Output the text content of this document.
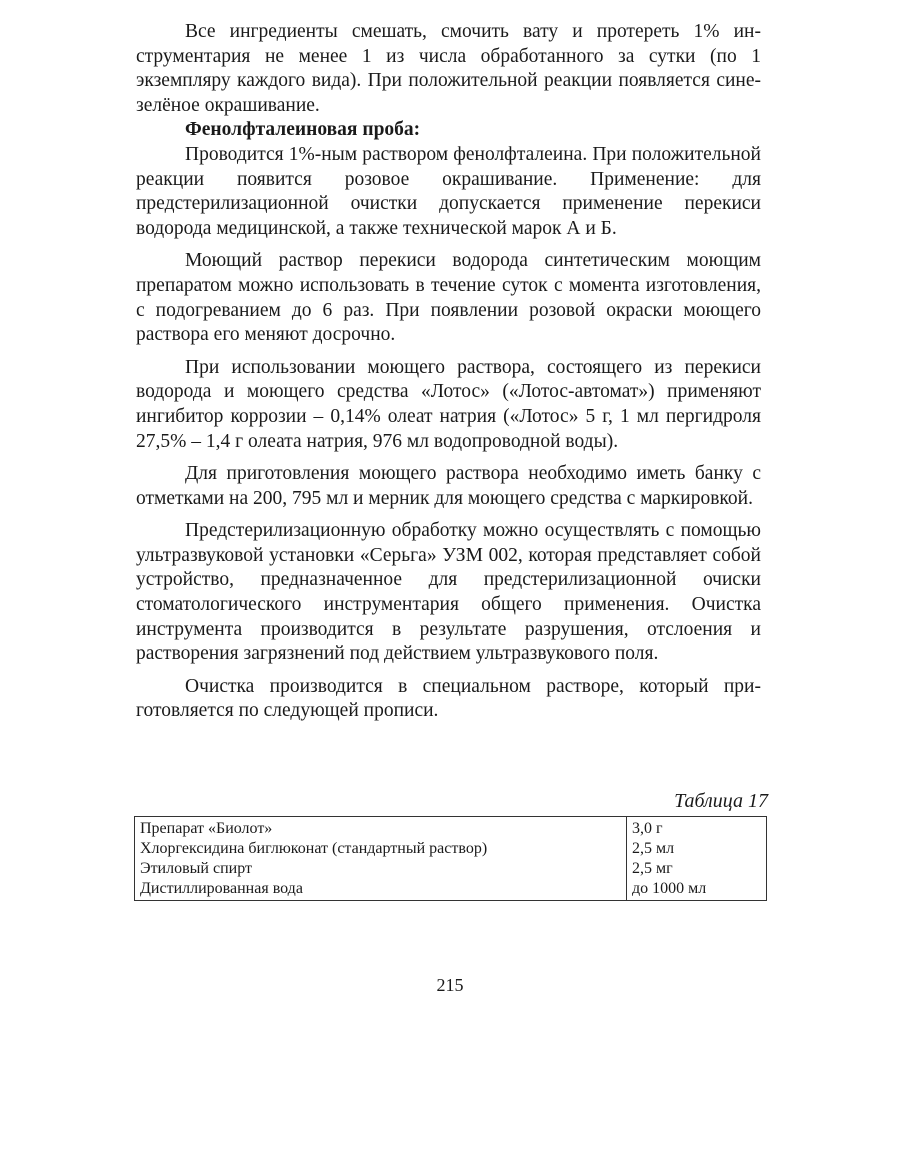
Все ингредиенты смешать, смочить вату и протереть 1% инструментария не менее 1 из числа обработанного за сутки (по 1 экземпляру каждого вида). При положительной реакции появляется сине-зелёное окрашивание.

Фенолфталеиновая проба:

Проводится 1%-ным раствором фенолфталеина. При положительной реакции появится розовое окрашивание. Применение: для предстерилизационной очистки допускается применение перекиси водорода медицинской, а также технической марок А и Б.

Моющий раствор перекиси водорода синтетическим моющим препаратом можно использовать в течение суток с момента изготовления, с подогреванием до 6 раз. При появлении розовой окраски моющего раствора его меняют досрочно.

При использовании моющего раствора, состоящего из перекиси водорода и моющего средства «Лотос» («Лотос-автомат») применяют ингибитор коррозии – 0,14% олеат натрия («Лотос» 5 г, 1 мл пергидроля 27,5% – 1,4 г олеата натрия, 976 мл водопроводной воды).

Для приготовления моющего раствора необходимо иметь банку с отметками на 200, 795 мл и мерник для моющего средства с маркировкой.

Предстерилизационную обработку можно осуществлять с помощью ультразвуковой установки «Серьга» УЗМ 002, которая представляет собой устройство, предназначенное для предстерилизационной очиски стоматологического инструментария общего применения. Очистка инструмента производится в результате разрушения, отслоения и растворения загрязнений под действием ультразвукового поля.

Очистка производится в специальном растворе, который приготовляется по следующей прописи.

Таблица 17
Препарат «Биолот»	3,0 г
Хлоргексидина биглюконат (стандартный раствор)	2,5 мл
Этиловый спирт	2,5 мг
Дистиллированная вода	до 1000 мл
215
